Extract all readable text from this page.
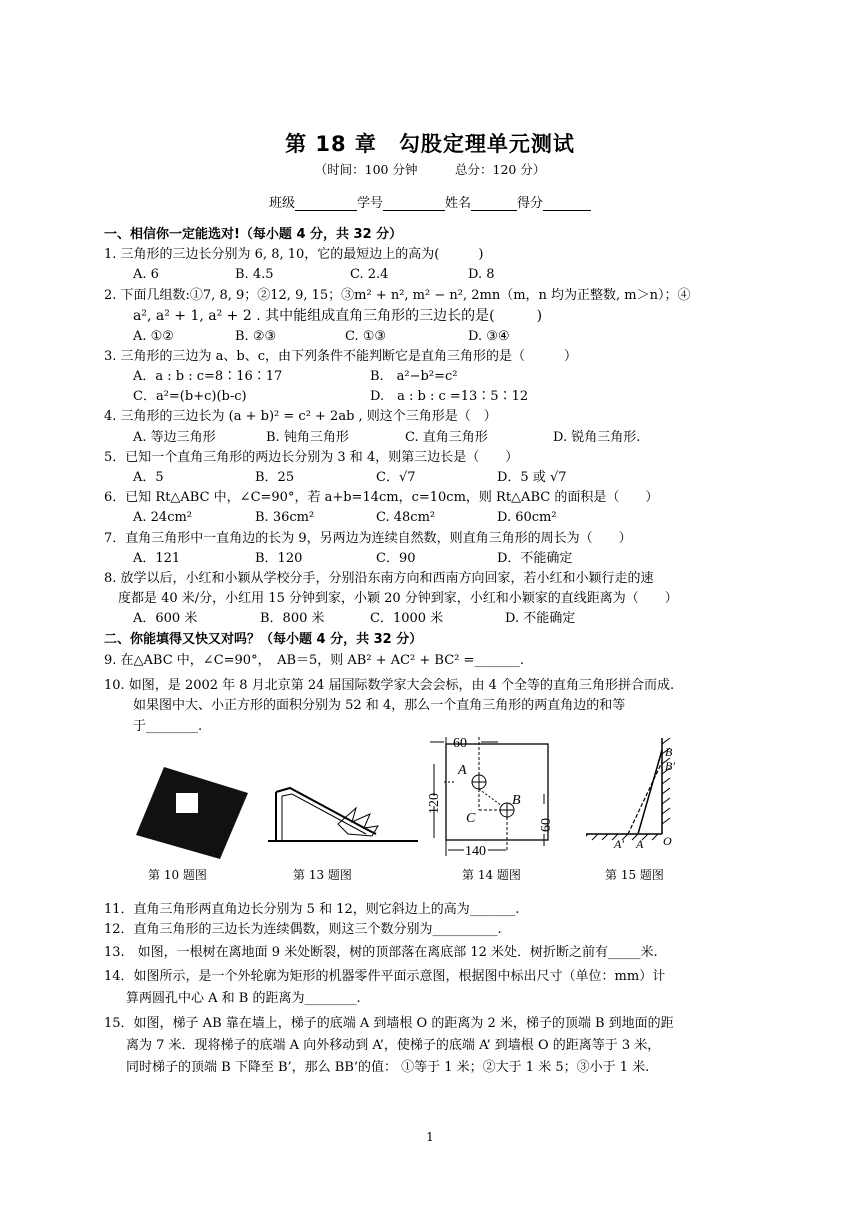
第 18 章　勾股定理单元测试
（时间：100 分钟　　　总分：120 分）
班级	学号	姓名	得分
一、相信你一定能选对!（每小题 4 分，共 32 分）
1. 三角形的三边长分别为 6, 8, 10，它的最短边上的高为(　　　)
A. 6	B. 4.5	C. 2.4	D. 8
2. 下面几组数:①7, 8, 9；②12, 9, 15；③m² + n², m² − n², 2mn（m，n 均为正整数, m＞n）；④
a², a² + 1, a² + 2 . 其中能组成直角三角形的三边长的是(　　　)
A. ①②	B. ②③	C. ①③	D. ③④
3. 三角形的三边为 a、b、c，由下列条件不能判断它是直角三角形的是（　　　）
A．a : b : c=8∶16∶17	B.　a²−b²=c²
C．a²=(b+c)(b-c)	D.　a : b : c =13∶5∶12
4. 三角形的三边长为 (a + b)² = c² + 2ab , 则这个三角形是（　）
A. 等边三角形	B. 钝角三角形	C. 直角三角形	D. 锐角三角形.
5．已知一个直角三角形的两边长分别为 3 和 4，则第三边长是（　　）
A．5	B．25	C．√7	D．5 或 √7
6．已知 Rt△ABC 中，∠C=90°，若 a+b=14cm，c=10cm，则 Rt△ABC 的面积是（　　）
A. 24cm²	B. 36cm²	C. 48cm²	D. 60cm²
7．直角三角形中一直角边的长为 9，另两边为连续自然数，则直角三角形的周长为（　　）
A．121	B．120	C．90	D．不能确定
8. 放学以后，小红和小颖从学校分手，分别沿东南方向和西南方向回家，若小红和小颖行走的速
度都是 40 米/分，小红用 15 分钟到家，小颖 20 分钟到家，小红和小颖家的直线距离为（　　）
A．600 米	B．800 米	C．1000 米	D. 不能确定
二、你能填得又快又对吗？（每小题 4 分，共 32 分）
9. 在△ABC 中，∠C=90°，　AB＝5，则 AB² + AC² + BC² =_______.
10. 如图，是 2002 年 8 月北京第 24 届国际数学家大会会标，由 4 个全等的直角三角形拼合而成.
如果图中大、小正方形的面积分别为 52 和 4，那么一个直角三角形的两直角边的和等
于________.
第 10 题图	第 13 题图
60
120
A
B
C
140
60
第 14 题图
B
B′
A′ A O
第 15 题图
11．直角三角形两直角边长分别为 5 和 12，则它斜边上的高为_______.
12．直角三角形的三边长为连续偶数，则这三个数分别为__________.
13.　如图，一根树在离地面 9 米处断裂，树的顶部落在离底部 12 米处．树折断之前有_____米.
14．如图所示，是一个外轮廓为矩形的机器零件平面示意图，根据图中标出尺寸（单位：mm）计
算两圆孔中心 A 和 B 的距离为________.
15．如图，梯子 AB 靠在墙上，梯子的底端 A 到墙根 O 的距离为 2 米，梯子的顶端 B 到地面的距
离为 7 米．现将梯子的底端 A 向外移动到 A’，使梯子的底端 A’ 到墙根 O 的距离等于 3 米，
同时梯子的顶端 B 下降至 B’，那么 BB’的值： ①等于 1 米；②大于 1 米 5；③小于 1 米.
1
